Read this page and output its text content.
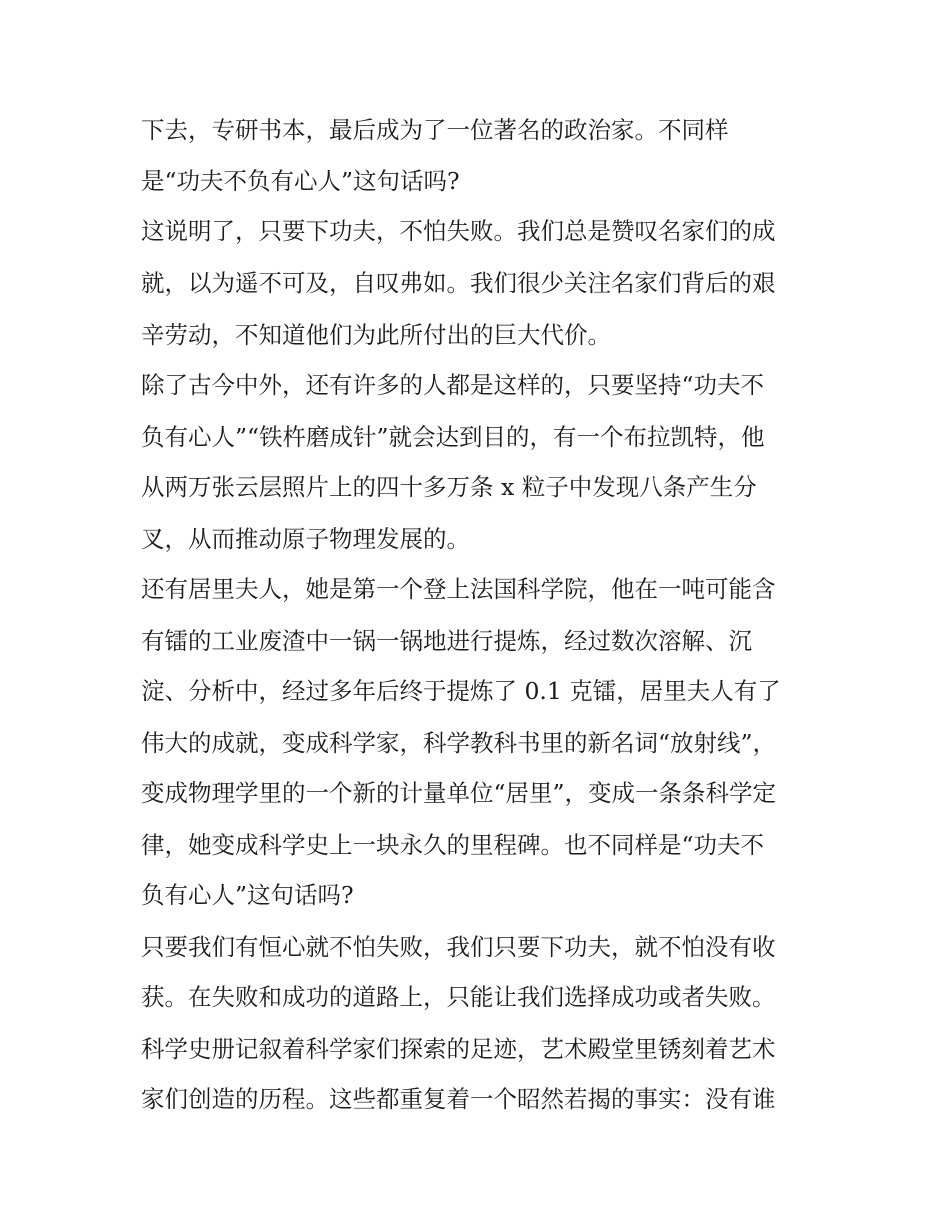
下去，专研书本，最后成为了一位著名的政治家。不同样
是“功夫不负有心人”这句话吗?
这说明了，只要下功夫，不怕失败。我们总是赞叹名家们的成
就，以为遥不可及，自叹弗如。我们很少关注名家们背后的艰
辛劳动，不知道他们为此所付出的巨大代价。
除了古今中外，还有许多的人都是这样的，只要坚持“功夫不
负有心人”“铁杵磨成针”就会达到目的，有一个布拉凯特，他
从两万张云层照片上的四十多万条 x 粒子中发现八条产生分
叉，从而推动原子物理发展的。
还有居里夫人，她是第一个登上法国科学院，他在一吨可能含
有镭的工业废渣中一锅一锅地进行提炼，经过数次溶解、沉
淀、分析中，经过多年后终于提炼了 0.1 克镭，居里夫人有了
伟大的成就，变成科学家，科学教科书里的新名词“放射线”，
变成物理学里的一个新的计量单位“居里”，变成一条条科学定
律，她变成科学史上一块永久的里程碑。也不同样是“功夫不
负有心人”这句话吗?
只要我们有恒心就不怕失败，我们只要下功夫，就不怕没有收
获。在失败和成功的道路上，只能让我们选择成功或者失败。
科学史册记叙着科学家们探索的足迹，艺术殿堂里锈刻着艺术
家们创造的历程。这些都重复着一个昭然若揭的事实：没有谁
